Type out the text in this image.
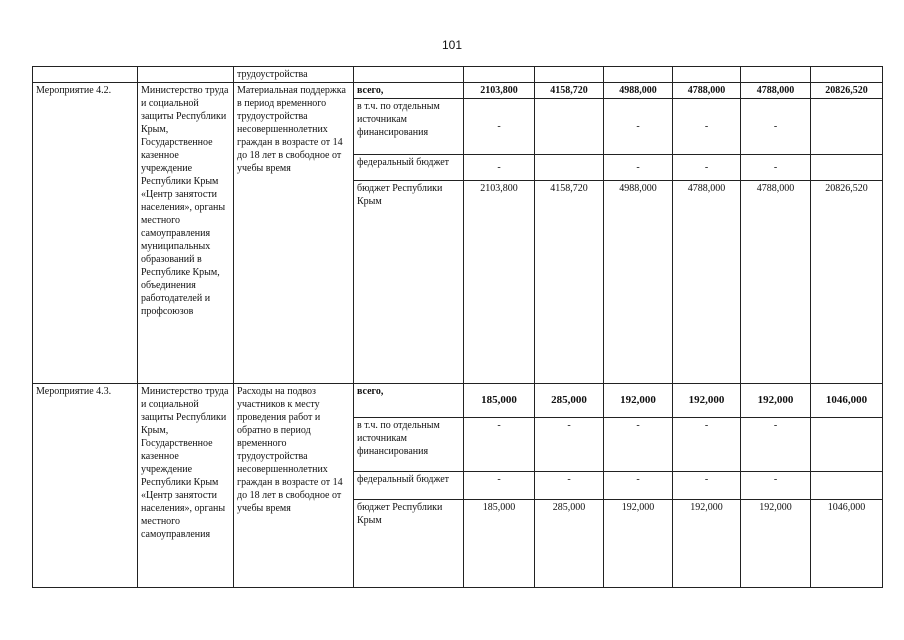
101
		трудоустройства							
Мероприятие 4.2.	Министерство труда и социальной защиты Республики Крым, Государственное казенное учреждение Республики Крым «Центр занятости населения», органы местного самоуправления муниципальных образований в Республике Крым, объединения работодателей и профсоюзов	Материальная поддержка в период временного трудоустройства несовершеннолетних граждан в возрасте от 14 до 18 лет в свободное от учебы время	всего,	2103,800	4158,720	4988,000	4788,000	4788,000	20826,520
			в т.ч. по отдельным источникам финансирования	-		-	-	-	
			федеральный бюджет	-		-	-	-	
			бюджет Республики Крым	2103,800	4158,720	4988,000	4788,000	4788,000	20826,520
Мероприятие 4.3.	Министерство труда и социальной защиты Республики Крым, Государственное казенное учреждение Республики Крым «Центр занятости населения», органы местного самоуправления	Расходы на подвоз участников к месту проведения работ и обратно в период временного трудоустройства несовершеннолетних граждан в возрасте от 14 до 18 лет в свободное от учебы время	всего,	185,000	285,000	192,000	192,000	192,000	1046,000
			в т.ч. по отдельным источникам финансирования	-	-	-	-	-	
			федеральный бюджет	-	-	-	-	-	
			бюджет Республики Крым	185,000	285,000	192,000	192,000	192,000	1046,000
